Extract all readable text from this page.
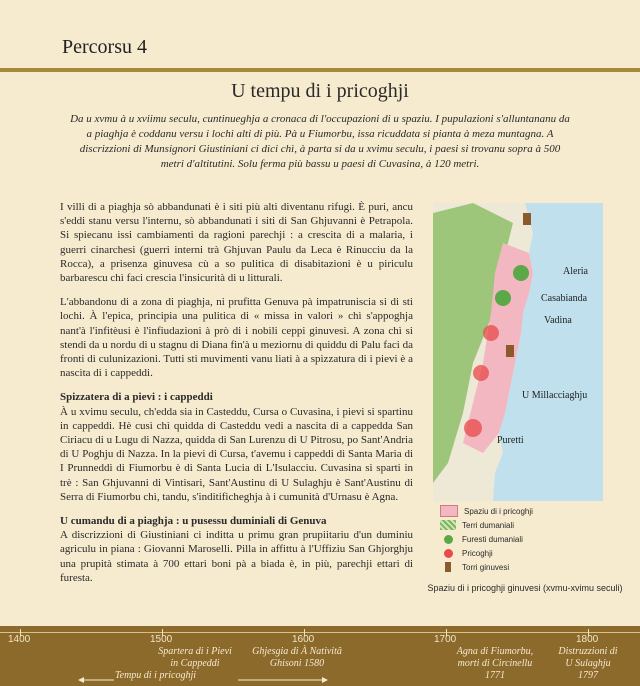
Percorsu 4
U tempu di i pricoghji
Da u xvmu à u xviimu seculu, cuntinueghja a cronaca di l'occupazioni di u spaziu. I pupulazioni s'alluntananu da a piaghja è coddanu versu i lochi alti di più. Pà u Fiumorbu, issa ricuddata si pianta à meza muntagna. A discrizzioni di Munsignori Giustiniani ci dici chì, à parta si da u xvimu seculu, i paesi si trovanu sopra à 500 metri d'altitutini. Solu ferma più bassu u paesi di Cuvasina, à 120 metri.

I villi di a piaghja sò abbandunati è i siti più alti diventanu rifugi. È puri, ancu s'eddi stanu versu l'internu, sò abbandunati i siti di San Ghjuvanni è Petrapola. Si spiecanu issi cambiamenti da ragioni parechji : a crescita di a malaria, i guerri cinarchesi (guerri interni trà Ghjuvan Paulu da Leca è Rinucciu da la Rocca), a prisenza ginuvesa cù a so pulitica di disabitazioni è u piriculu barbarescu chì faci crescia l'insicurità di u litturali.

L'abbandonu di a zona di piaghja, ni prufitta Genuva pà impatruniscia si di sti lochi. À l'epica, principia una pulitica di « missa in valori » chì s'appoghja nant'à l'infitèusi è l'infiudazioni à prò di i nobili ceppi ginuvesi. A zona chì si stendi da u nordu di u stagnu di Diana fin'à u meziornu di quiddu di Palu faci da fronti di culunizazioni. Tutti sti muvimenti vanu liati à a spizzatura di i pievi è a nascita di i cappeddi.

Spizzatera di a pievi : i cappeddi

À u xvimu seculu, ch'edda sia in Casteddu, Cursa o Cuvasina, i pievi si spartinu in cappeddi. Hè cusì chì quidda di Casteddu vedi a nascita di a cappedda San Ciriacu di u Lugu di Nazza, quidda di San Lurenzu di U Pitrosu, po Sant'Andria di U Poghju di Nazza. In la pievi di Cursa, t'avemu i cappeddi di Santa Maria di I Prunneddi di Fiumorbu è di Santa Lucia di L'Isulacciu. Cuvasina si sparti in trè : San Ghjuvanni di Vintisari, Sant'Austinu di U Sulaghju è Sant'Austinu di Serra di Fiumorbu chì, tandu, s'inditificheghja à i cumunità d'Urnasu è Agna.

U cumandu di a piaghja : u pusessu duminiali di Genuva

A discrizzioni di Giustiniani ci inditta u primu gran prupiitariu d'un duminiu agriculu in piana : Giovanni Maroselli. Pilla in affittu à l'Uffiziu San Ghjorghju una prupità stimata à 700 ettari boni pà a biada è, in più, parechji ettari di furesta.

Aleria
Casabianda
Vadina
U Millacciaghju
Puretti
Spaziu di i pricoghji
Terri dumaniali
Furesti dumaniali
Pricoghji
Torri ginuvesi
Spaziu di i pricoghji ginuvesi (xvmu-xvimu seculi)
1400	1500	1600	1700	1800
Spartera di i Pievi
in Cappeddi
Ghjesgia di À Nativitâ
Ghisoni 1580
Agna di Fiumorbu,
morti di Circinellu
1771
Distruzzioni di
U Sulaghju
1797
Tempu di i pricoghji
